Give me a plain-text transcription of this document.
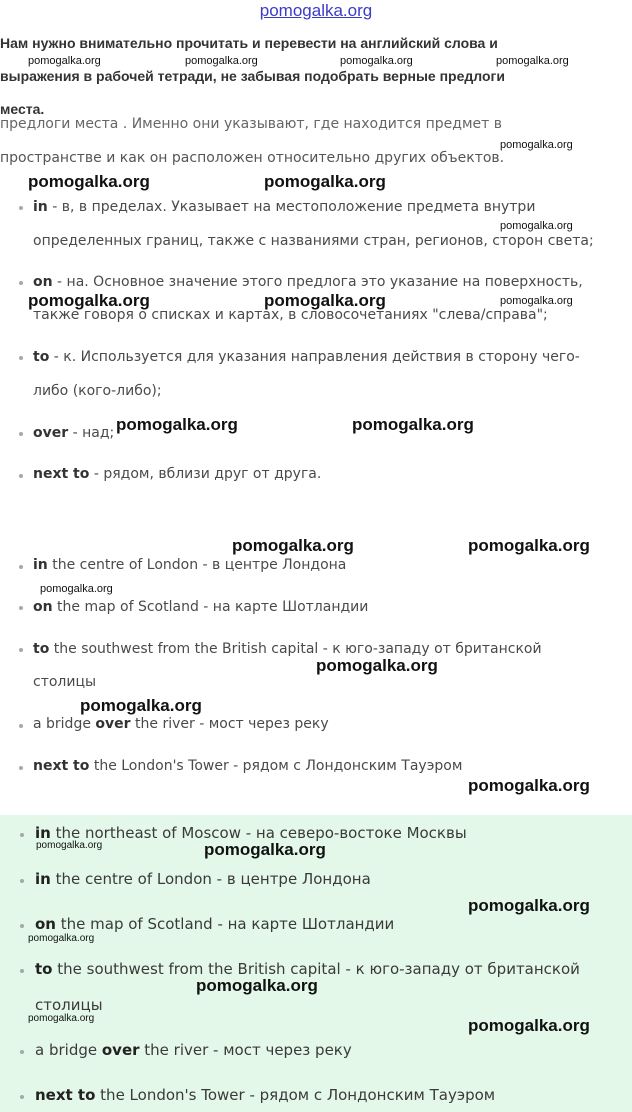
pomogalka.org
Нам нужно внимательно прочитать и перевести на английский слова и
выражения в рабочей тетради, не забывая подобрать верные предлоги
места.
предлоги места . Именно они указывают, где находится предмет в
пространстве и как он расположен относительно других объектов.
in - в, в пределах. Указывает на местоположение предмета внутри
определенных границ, также с названиями стран, регионов, сторон света;
on - на. Основное значение этого предлога это указание на поверхность,
также говоря о списках и картах, в словосочетаниях "слева/справа";
to - к. Используется для указания направления действия в сторону чего-
либо (кого-либо);
over - над;
next to - рядом, вблизи друг от друга.
in the centre of London - в центре Лондона
on the map of Scotland - на карте Шотландии
to the southwest from the British capital - к юго-западу от британской
столицы
a bridge over the river - мост через реку
next to the London's Tower - рядом с Лондонским Тауэром
in the northeast of Moscow - на северо-востоке Москвы
in the centre of London - в центре Лондона
on the map of Scotland - на карте Шотландии
to the southwest from the British capital - к юго-западу от британской
столицы
a bridge over the river - мост через реку
next to the London's Tower - рядом с Лондонским Тауэром
pomogalka.org	pomogalka.org	pomogalka.org	pomogalka.org
pomogalka.org
pomogalka.org
pomogalka.org
pomogalka.org
pomogalka.org
pomogalka.org
pomogalka.org
pomogalka.org	pomogalka.org
pomogalka.org	pomogalka.org
pomogalka.org	pomogalka.org
pomogalka.org	pomogalka.org
pomogalka.org
pomogalka.org
pomogalka.org
pomogalka.org
pomogalka.org
pomogalka.org
pomogalka.org
